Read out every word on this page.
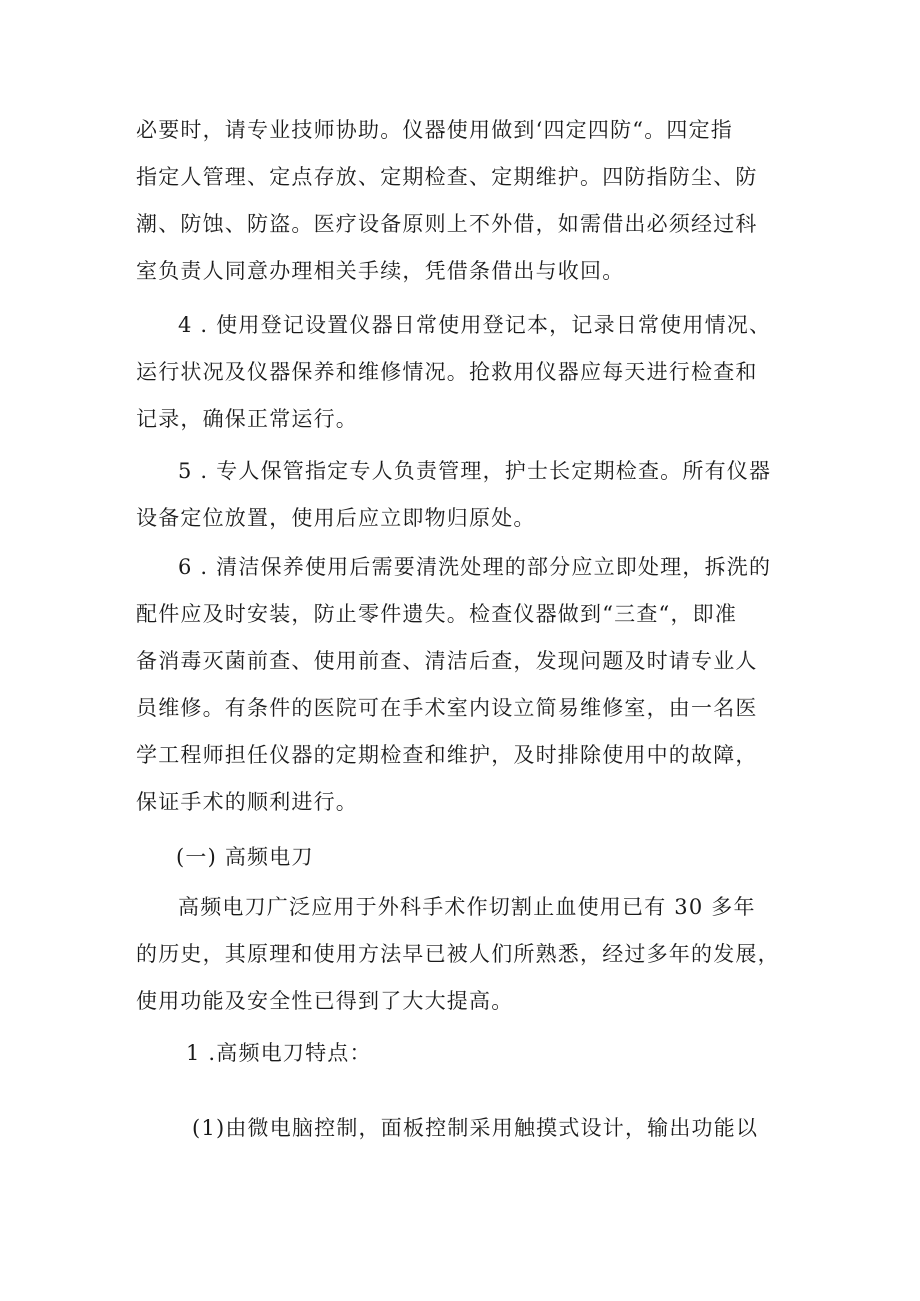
必要时，请专业技师协助。仪器使用做到‘四定四防“。四定指
指定人管理、定点存放、定期检查、定期维护。四防指防尘、防
潮、防蚀、防盗。医疗设备原则上不外借，如需借出必须经过科
室负责人同意办理相关手续，凭借条借出与收回。
4 . 使用登记设置仪器日常使用登记本，记录日常使用情况、
运行状况及仪器保养和维修情况。抢救用仪器应每天进行检查和
记录，确保正常运行。
5 . 专人保管指定专人负责管理，护士长定期检查。所有仪器
设备定位放置，使用后应立即物归原处。
6 . 清洁保养使用后需要清洗处理的部分应立即处理，拆洗的
配件应及时安装，防止零件遗失。检查仪器做到“三查“，即准
备消毒灭菌前查、使用前查、清洁后查，发现问题及时请专业人
员维修。有条件的医院可在手术室内设立简易维修室，由一名医
学工程师担任仪器的定期检查和维护，及时排除使用中的故障，
保证手术的顺利进行。
(一) 高频电刀
高频电刀广泛应用于外科手术作切割止血使用已有 30 多年
的历史，其原理和使用方法早已被人们所熟悉，经过多年的发展，
使用功能及安全性已得到了大大提高。
1 .高频电刀特点：
(1)由微电脑控制，面板控制采用触摸式设计，输出功能以
